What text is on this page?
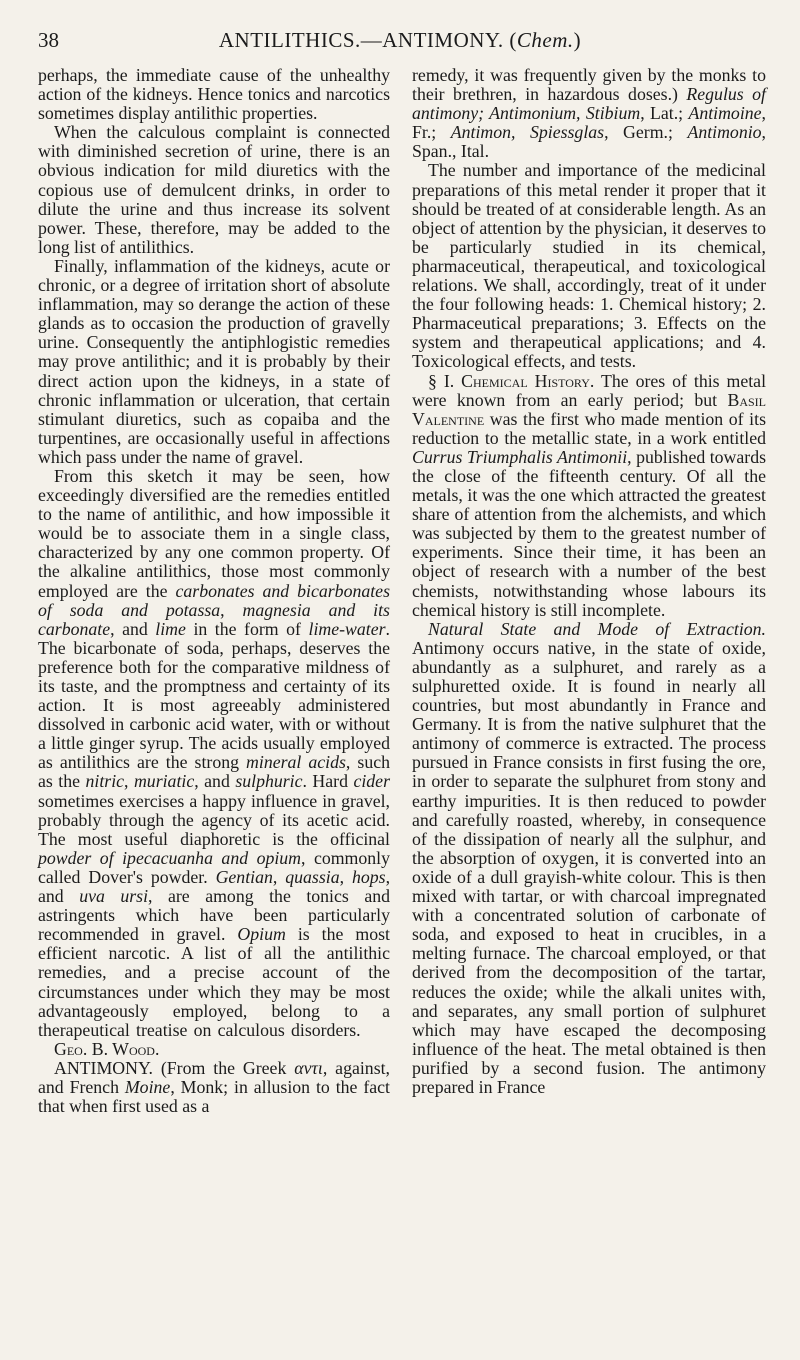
38	ANTILITHICS.—ANTIMONY. (Chem.)

perhaps, the immediate cause of the unhealthy action of the kidneys. Hence tonics and narcotics sometimes display antilithic properties.

When the calculous complaint is connected with diminished secretion of urine, there is an obvious indication for mild diuretics with the copious use of demulcent drinks, in order to dilute the urine and thus increase its solvent power. These, therefore, may be added to the long list of antilithics.

Finally, inflammation of the kidneys, acute or chronic, or a degree of irritation short of absolute inflammation, may so derange the action of these glands as to occasion the production of gravelly urine. Consequently the antiphlogistic remedies may prove antilithic; and it is probably by their direct action upon the kidneys, in a state of chronic inflammation or ulceration, that certain stimulant diuretics, such as copaiba and the turpentines, are occasionally useful in affections which pass under the name of gravel.

From this sketch it may be seen, how exceedingly diversified are the remedies entitled to the name of antilithic, and how impossible it would be to associate them in a single class, characterized by any one common property. Of the alkaline antilithics, those most commonly employed are the carbonates and bicarbonates of soda and potassa, magnesia and its carbonate, and lime in the form of lime-water. The bicarbonate of soda, perhaps, deserves the preference both for the comparative mildness of its taste, and the promptness and certainty of its action. It is most agreeably administered dissolved in carbonic acid water, with or without a little ginger syrup. The acids usually employed as antilithics are the strong mineral acids, such as the nitric, muriatic, and sulphuric. Hard cider sometimes exercises a happy influence in gravel, probably through the agency of its acetic acid. The most useful diaphoretic is the officinal powder of ipecacuanha and opium, commonly called Dover's powder. Gentian, quassia, hops, and uva ursi, are among the tonics and astringents which have been particularly recommended in gravel. Opium is the most efficient narcotic. A list of all the antilithic remedies, and a precise account of the circumstances under which they may be most advantageously employed, belong to a therapeutical treatise on calculous disorders.     Geo. B. Wood.

ANTIMONY. (From the Greek αντι, against, and French Moine, Monk; in allusion to the fact that when first used as a

remedy, it was frequently given by the monks to their brethren, in hazardous doses.) Regulus of antimony; Antimonium, Stibium, Lat.; Antimoine, Fr.; Antimon, Spiessglas, Germ.; Antimonio, Span., Ital.

The number and importance of the medicinal preparations of this metal render it proper that it should be treated of at considerable length. As an object of attention by the physician, it deserves to be particularly studied in its chemical, pharmaceutical, therapeutical, and toxicological relations. We shall, accordingly, treat of it under the four following heads: 1. Chemical history; 2. Pharmaceutical preparations; 3. Effects on the system and therapeutical applications; and 4. Toxicological effects, and tests.

§ I. Chemical History. The ores of this metal were known from an early period; but Basil Valentine was the first who made mention of its reduction to the metallic state, in a work entitled Currus Triumphalis Antimonii, published towards the close of the fifteenth century. Of all the metals, it was the one which attracted the greatest share of attention from the alchemists, and which was subjected by them to the greatest number of experiments. Since their time, it has been an object of research with a number of the best chemists, notwithstanding whose labours its chemical history is still incomplete.

Natural State and Mode of Extraction. Antimony occurs native, in the state of oxide, abundantly as a sulphuret, and rarely as a sulphuretted oxide. It is found in nearly all countries, but most abundantly in France and Germany. It is from the native sulphuret that the antimony of commerce is extracted. The process pursued in France consists in first fusing the ore, in order to separate the sulphuret from stony and earthy impurities. It is then reduced to powder and carefully roasted, whereby, in consequence of the dissipation of nearly all the sulphur, and the absorption of oxygen, it is converted into an oxide of a dull grayish-white colour. This is then mixed with tartar, or with charcoal impregnated with a concentrated solution of carbonate of soda, and exposed to heat in crucibles, in a melting furnace. The charcoal employed, or that derived from the decomposition of the tartar, reduces the oxide; while the alkali unites with, and separates, any small portion of sulphuret which may have escaped the decomposing influence of the heat. The metal obtained is then purified by a second fusion. The antimony prepared in France
